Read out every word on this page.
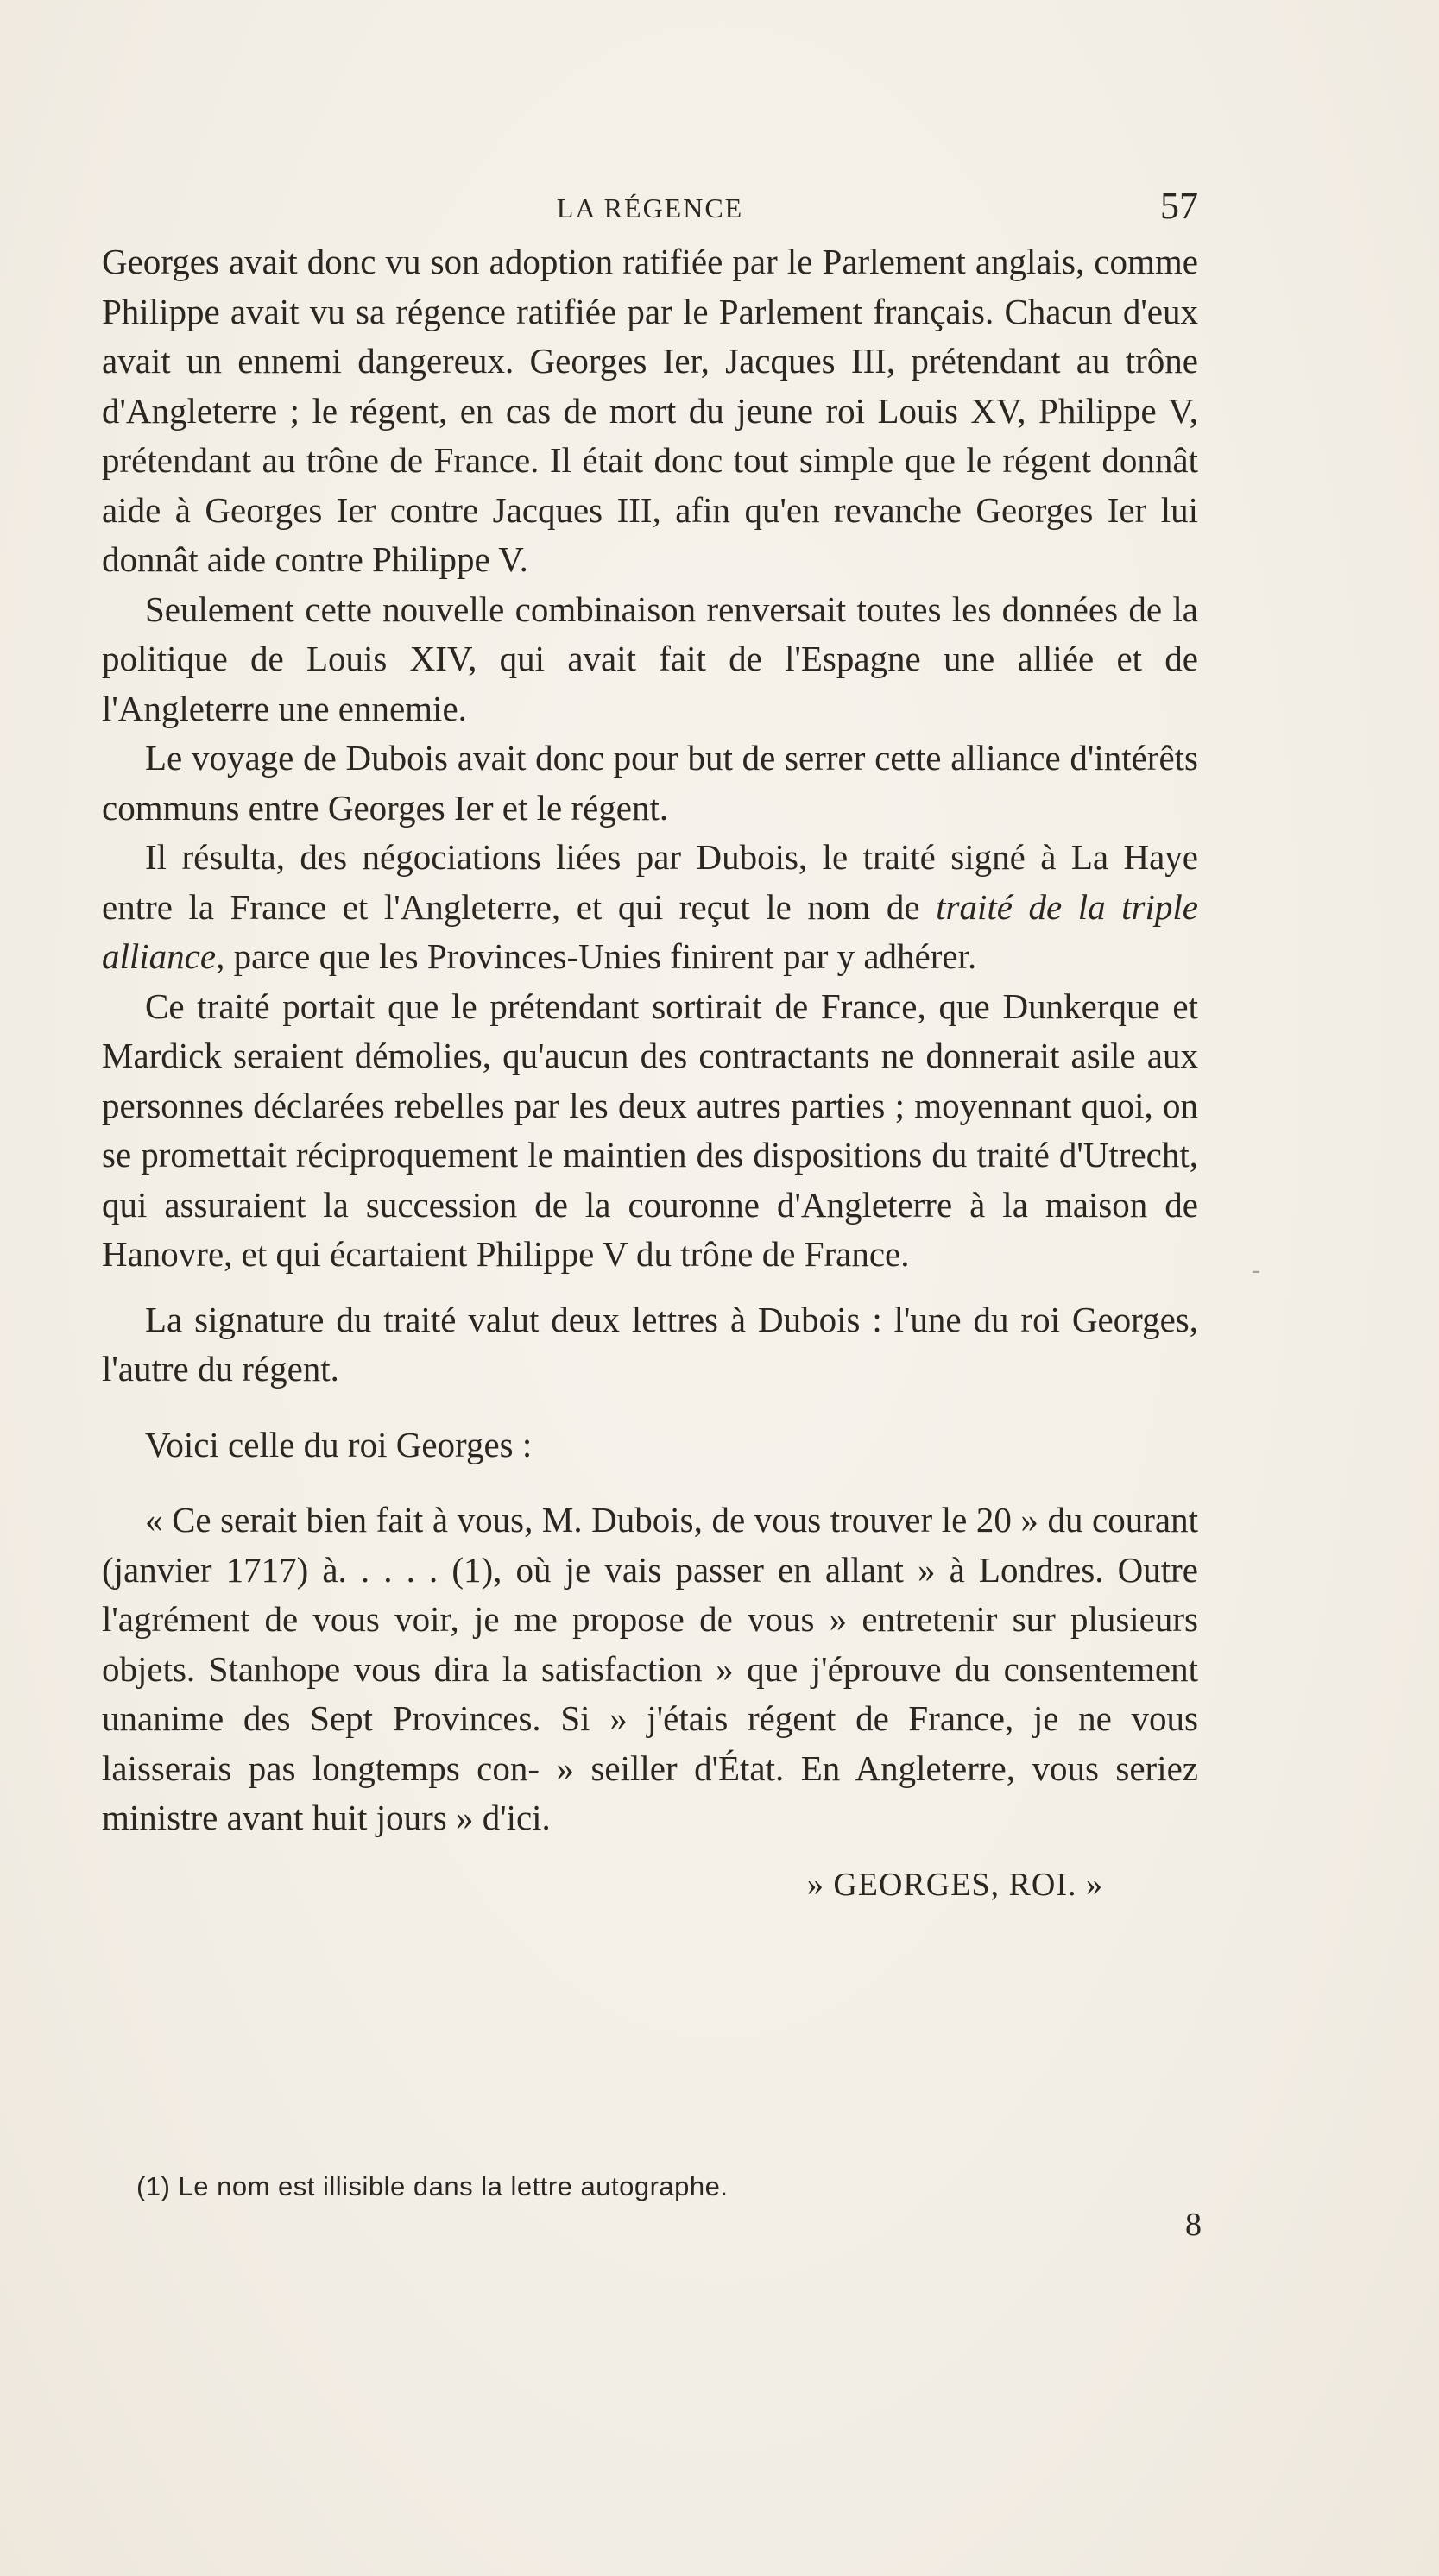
LA RÉGENCE	57

Georges avait donc vu son adoption ratifiée par le Parlement anglais, comme Philippe avait vu sa régence ratifiée par le Parlement français. Chacun d'eux avait un ennemi dangereux. Georges Ier, Jacques III, prétendant au trône d'Angleterre ; le régent, en cas de mort du jeune roi Louis XV, Philippe V, prétendant au trône de France. Il était donc tout simple que le régent donnât aide à Georges Ier contre Jacques III, afin qu'en revanche Georges Ier lui donnât aide contre Philippe V.

Seulement cette nouvelle combinaison renversait toutes les données de la politique de Louis XIV, qui avait fait de l'Espagne une alliée et de l'Angleterre une ennemie.

Le voyage de Dubois avait donc pour but de serrer cette alliance d'intérêts communs entre Georges Ier et le régent.

Il résulta, des négociations liées par Dubois, le traité signé à La Haye entre la France et l'Angleterre, et qui reçut le nom de traité de la triple alliance, parce que les Provinces-Unies finirent par y adhérer.

Ce traité portait que le prétendant sortirait de France, que Dunkerque et Mardick seraient démolies, qu'aucun des contractants ne donnerait asile aux personnes déclarées rebelles par les deux autres parties ; moyennant quoi, on se promettait réciproquement le maintien des dispositions du traité d'Utrecht, qui assuraient la succession de la couronne d'Angleterre à la maison de Hanovre, et qui écartaient Philippe V du trône de France.

La signature du traité valut deux lettres à Dubois : l'une du roi Georges, l'autre du régent.

Voici celle du roi Georges :

« Ce serait bien fait à vous, M. Dubois, de vous trouver le 20 » du courant (janvier 1717) à. . . . . (1), où je vais passer en allant » à Londres. Outre l'agrément de vous voir, je me propose de vous » entretenir sur plusieurs objets. Stanhope vous dira la satisfaction » que j'éprouve du consentement unanime des Sept Provinces. Si » j'étais régent de France, je ne vous laisserais pas longtemps con- » seiller d'État. En Angleterre, vous seriez ministre avant huit jours » d'ici.

» GEORGES, ROI. »
(1) Le nom est illisible dans la lettre autographe.
8
-
